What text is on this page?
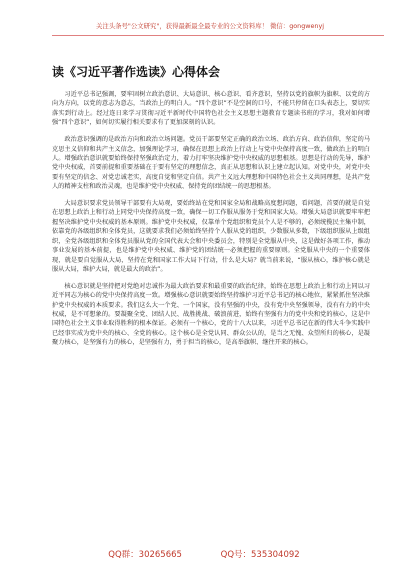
关注头条号"公文研究"，获得最新最全最专业的公文资料库！ 微信：gongwenyj
读《习近平著作选读》心得体会

习近平总书记强调，要牢固树立政治意识、大局意识、核心意识、看齐意识，坚持以党的旗帜为旗帜、以党的方向为方向，以党的意志为意志，当政治上的明白人。“四个意识”不是空洞的口号，不能只停留在口头表态上，要切实落实到行动上。经过连日来学习贯彻习近平新时代中国特色社会主义思想主题教育专题读书班的学习，我对如何增强“四个意识”，如何切实履行相关要求有了更加深刻的认识。

政治意识强调的是政治方向和政治立场问题。党员干部要坚定正确的政治立场、政治方向、政治信仰，坚定的马克思主义信仰和共产主义信念，加强理论学习，确保在思想上政治上行动上与党中央保持高度一致，做政治上的明白人。增强政治意识就要始终保持坚强政治定力，着力打牢坚决维护党中央权威的思想根基。思想是行动的先导，维护党中央权威，首要前提和重要基础在于要有坚定的理想信念，真正从思想和认识上建立起认知。对党中央，对党中央要有坚定的信念、对党忠诚老实，高度自觉和坚定自信。共产主义远大理想和中国特色社会主义共同理想，是共产党人的精神支柱和政治灵魂，也是维护党中央权威、保持党的团结统一的思想根基。

大局意识要求党员领导干部要有大局观，要始终站在党和国家全局和战略高度想问题，看问题，首要的就是自觉在思想上政治上和行动上同党中央保持高度一致，确保一切工作服从服务于党和国家大局。增强大局意识就要牢牢把握坚决维护党中央权威的基本原则。维护党中央权威，仅靠单个党组织和党员个人是不够的，必须统揽民主集中制，依靠党的各级组织和全体党员，这就要求我们必须始终坚持个人服从党的组织，少数服从多数，下级组织服从上级组织，全党各级组织和全体党员服从党的全国代表大会和中央委员会，特别是全党服从中央，这是做好各项工作，推动事业发展的基本前提，也是维护党中央权威、维护党的团结统一必须把握的重要原则。全党服从中央的一个重要体现，就是要自觉服从大局，坚持在党和国家工作大局下行动，什么是大局？就当前来说，“服从核心，维护核心就是服从大局，维护大局，就是最大的政治”。

核心意识就是坚持把对党绝对忠诚作为最大政治要求和最重要的政治纪律，始终在思想上政治上和行动上同以习近平同志为核心的党中央保持高度一致。增强核心意识就要始终坚持维护习近平总书记的核心地位，紧紧抓住坚决维护党中央权威的本质要求。我们这么大一个党、一个国家，没有坚强的中央，没有党中央坚强领导，没有有力的中央权威，是不可想象的。要凝聚全党、团结人民、战胜挑战、破浪前进，始终有坚强有力的党中央和党的核心，这是中国特色社会主义事业取得胜利的根本保证。必须有一个核心，党的十八大以来，习近平总书记在新的伟大斗争实践中已经事实成为党中央的核心、全党的核心。这个核心是全党认同、群众公认的，是当之无愧、众望所归的核心，是凝聚力核心，是坚强有力的核心，是坚强有力，勇于担当的核心，是高举旗帜、继往开来的核心。

QQ群：30265665	QQ号：535304092
